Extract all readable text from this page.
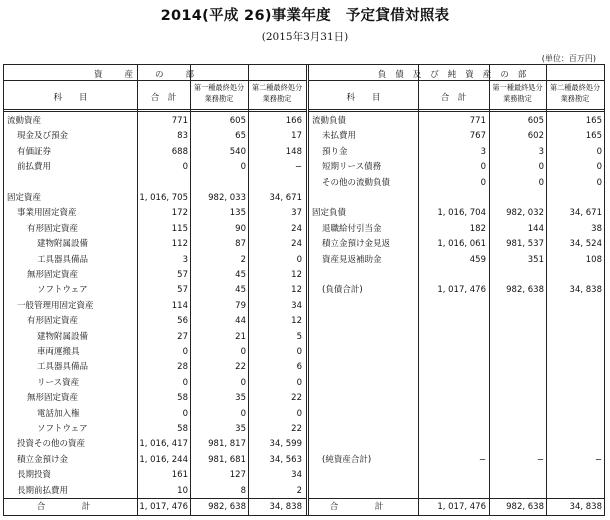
2014(平成 26)事業年度　予定貸借対照表
(2015年3月31日)
(単位：百万円)
資産の部
科　　目	合　計
第一種最終処分
業務勘定
第二種最終処分
業務勘定
流動資産	771	605	166
現金及び預金	83	65	17
有価証券	688	540	148
前払費用	0	0	−
固定資産	1, 016, 705	982, 033	34, 671
事業用固定資産	172	135	37
有形固定資産	115	90	24
建物附属設備	112	87	24
工具器具備品	3	2	0
無形固定資産	57	45	12
ソフトウェア	57	45	12
一般管理用固定資産	114	79	34
有形固定資産	56	44	12
建物附属設備	27	21	5
車両運搬具	0	0	0
工具器具備品	28	22	6
リース資産	0	0	0
無形固定資産	58	35	22
電話加入権	0	0	0
ソフトウェア	58	35	22
投資その他の資産	1, 016, 417	981, 817	34, 599
積立金預け金	1, 016, 244	981, 681	34, 563
長期投資	161	127	34
長期前払費用	10	8	2
合　計	1, 017, 476	982, 638	34, 838
負債及び純資産の部
科　　目	合　計
第一種最終処分
業務勘定
第二種最終処分
業務勘定
流動負債	771	605	165
未払費用	767	602	165
預り金	3	3	0
短期リース債務	0	0	0
その他の流動負債	0	0	0
固定負債	1, 016, 704	982, 032	34, 671
退職給付引当金	182	144	38
積立金預け金見返	1, 016, 061	981, 537	34, 524
資産見返補助金	459	351	108
(負債合計)	1, 017, 476	982, 638	34, 838
(純資産合計)	−	−	−
合　計	1, 017, 476	982, 638	34, 838
